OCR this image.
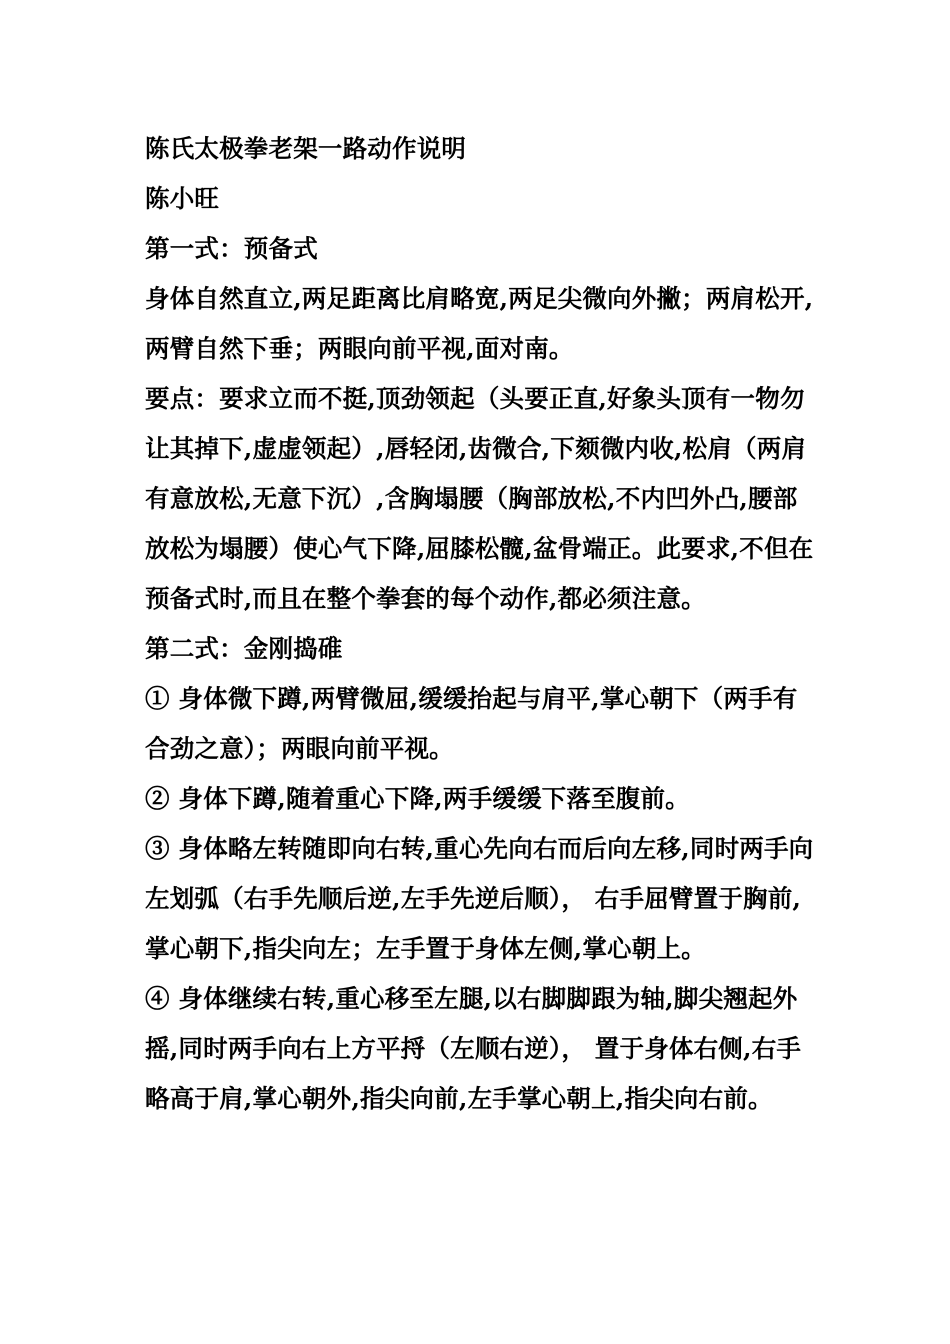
陈氏太极拳老架一路动作说明

陈小旺

第一式：预备式

身体自然直立,两足距离比肩略宽,两足尖微向外撇；两肩松开,两臂自然下垂；两眼向前平视,面对南。

要点：要求立而不挺,顶劲领起（头要正直,好象头顶有一物勿让其掉下,虚虚领起）,唇轻闭,齿微合,下颏微内收,松肩（两肩有意放松,无意下沉）,含胸塌腰（胸部放松,不内凹外凸,腰部放松为塌腰）使心气下降,屈膝松髋,盆骨端正。此要求,不但在预备式时,而且在整个拳套的每个动作,都必须注意。

第二式：金刚捣碓

① 身体微下蹲,两臂微屈,缓缓抬起与肩平,掌心朝下（两手有合劲之意）；两眼向前平视。

② 身体下蹲,随着重心下降,两手缓缓下落至腹前。

③ 身体略左转随即向右转,重心先向右而后向左移,同时两手向左划弧（右手先顺后逆,左手先逆后顺）， 右手屈臂置于胸前,掌心朝下,指尖向左；左手置于身体左侧,掌心朝上。

④ 身体继续右转,重心移至左腿,以右脚脚跟为轴,脚尖翘起外摇,同时两手向右上方平捋（左顺右逆）， 置于身体右侧,右手略高于肩,掌心朝外,指尖向前,左手掌心朝上,指尖向右前。
